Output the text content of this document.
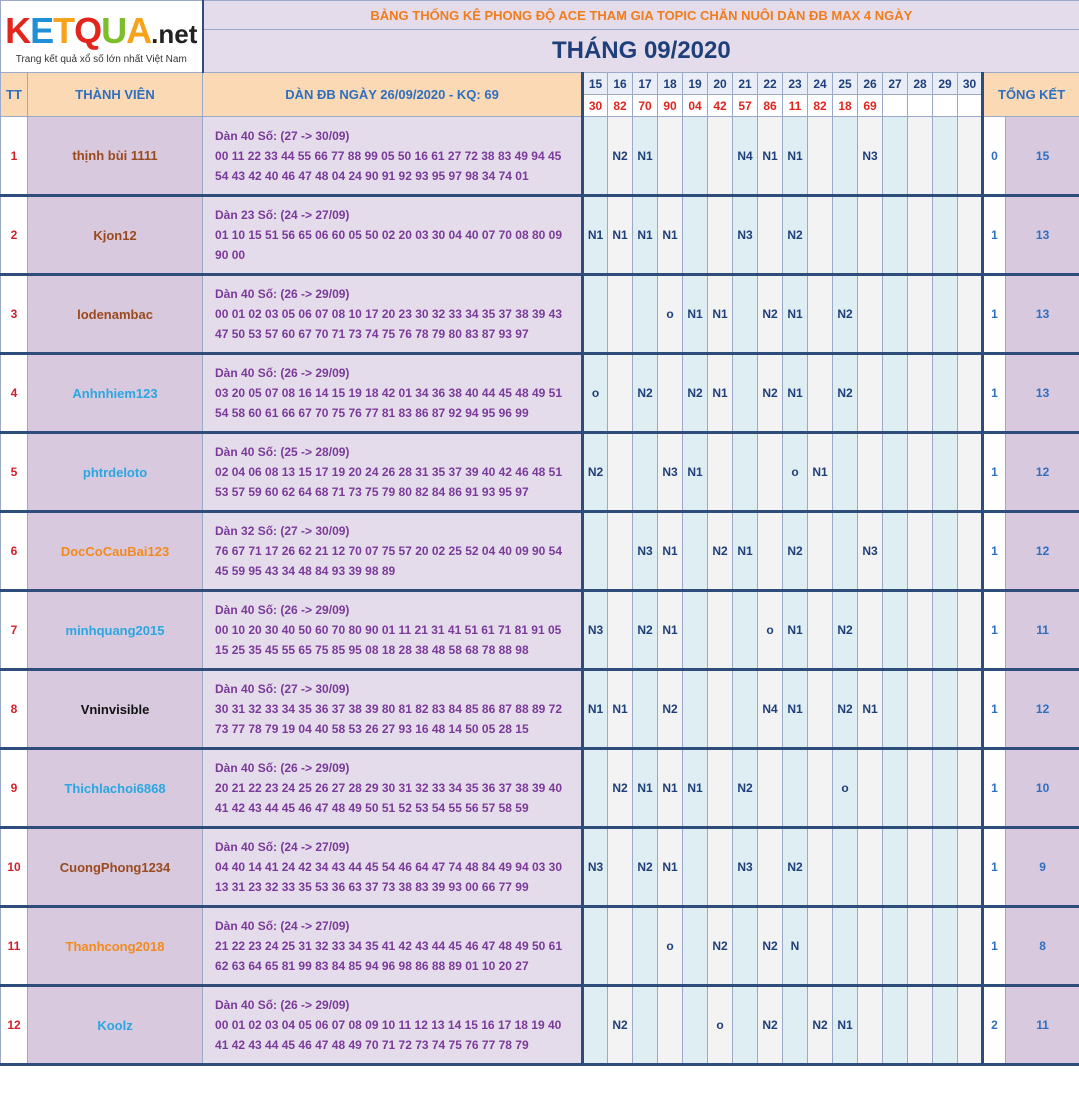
KETQUA.net
Trang kết quả xổ số lớn nhất Việt Nam		BẢNG THỐNG KÊ PHONG ĐỘ ACE THAM GIA TOPIC CHĂN NUÔI DÀN ĐB MAX 4 NGÀY																		
		THÁNG 09/2020																		
TT	THÀNH VIÊN	DÀN ĐB NGÀY 26/09/2020 - KQ: 69	15	16	17	18	19	20	21	22	23	24	25	26	27	28	29	30	TỔNG KẾT	
			30	82	70	90	04	42	57	86	11	82	18	69						
1	thịnh bùi 1111	Dàn 40 Số: (27 -> 30/09)
00 11 22 33 44 55 66 77 88 99 05 50 16 61 27 72 38 83 49 94 45
54 43 42 40 46 47 48 04 24 90 91 92 93 95 97 98 34 74 01		N2	N1				N4	N1	N1			N3					0	15
2	Kjon12	Dàn 23 Số: (24 -> 27/09)
01 10 15 51 56 65 06 60 05 50 02 20 03 30 04 40 07 70 08 80 09
90 00	N1	N1	N1	N1			N3		N2								1	13
3	lodenambac	Dàn 40 Số: (26 -> 29/09)
00 01 02 03 05 06 07 08 10 17 20 23 30 32 33 34 35 37 38 39 43
47 50 53 57 60 67 70 71 73 74 75 76 78 79 80 83 87 93 97				o	N1	N1		N2	N1		N2						1	13
4	Anhnhiem123	Dàn 40 Số: (26 -> 29/09)
03 20 05 07 08 16 14 15 19 18 42 01 34 36 38 40 44 45 48 49 51
54 58 60 61 66 67 70 75 76 77 81 83 86 87 92 94 95 96 99	o		N2		N2	N1		N2	N1		N2						1	13
5	phtrdeloto	Dàn 40 Số: (25 -> 28/09)
02 04 06 08 13 15 17 19 20 24 26 28 31 35 37 39 40 42 46 48 51
53 57 59 60 62 64 68 71 73 75 79 80 82 84 86 91 93 95 97	N2			N3	N1				o	N1							1	12
6	DocCoCauBai123	Dàn 32 Số: (27 -> 30/09)
76 67 71 17 26 62 21 12 70 07 75 57 20 02 25 52 04 40 09 90 54
45 59 95 43 34 48 84 93 39 98 89			N3	N1		N2	N1		N2			N3					1	12
7	minhquang2015	Dàn 40 Số: (26 -> 29/09)
00 10 20 30 40 50 60 70 80 90 01 11 21 31 41 51 61 71 81 91 05
15 25 35 45 55 65 75 85 95 08 18 28 38 48 58 68 78 88 98	N3		N2	N1				o	N1		N2						1	11
8	Vninvisible	Dàn 40 Số: (27 -> 30/09)
30 31 32 33 34 35 36 37 38 39 80 81 82 83 84 85 86 87 88 89 72
73 77 78 79 19 04 40 58 53 26 27 93 16 48 14 50 05 28 15	N1	N1		N2				N4	N1		N2	N1					1	12
9	Thichlachoi6868	Dàn 40 Số: (26 -> 29/09)
20 21 22 23 24 25 26 27 28 29 30 31 32 33 34 35 36 37 38 39 40
41 42 43 44 45 46 47 48 49 50 51 52 53 54 55 56 57 58 59		N2	N1	N1	N1		N2				o						1	10
10	CuongPhong1234	Dàn 40 Số: (24 -> 27/09)
04 40 14 41 24 42 34 43 44 45 54 46 64 47 74 48 84 49 94 03 30
13 31 23 32 33 35 53 36 63 37 73 38 83 39 93 00 66 77 99	N3		N2	N1			N3		N2								1	9
11	Thanhcong2018	Dàn 40 Số: (24 -> 27/09)
21 22 23 24 25 31 32 33 34 35 41 42 43 44 45 46 47 48 49 50 61
62 63 64 65 81 99 83 84 85 94 96 98 86 88 89 01 10 20 27				o		N2		N2	N								1	8
12	Koolz	Dàn 40 Số: (26 -> 29/09)
00 01 02 03 04 05 06 07 08 09 10 11 12 13 14 15 16 17 18 19 40
41 42 43 44 45 46 47 48 49 70 71 72 73 74 75 76 77 78 79		N2				o		N2		N2	N1						2	11
